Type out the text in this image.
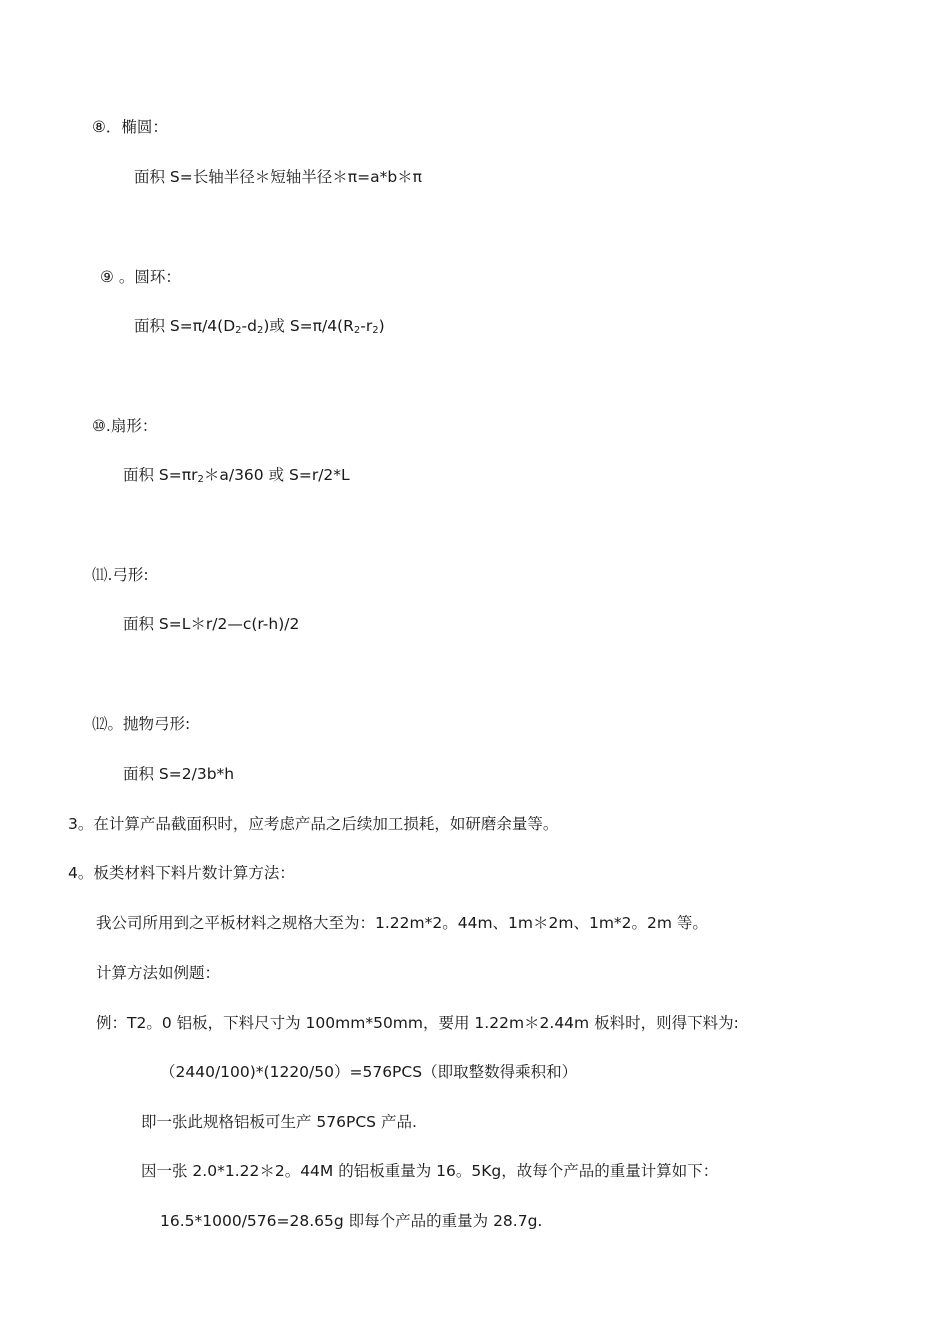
⑧．椭圆：
面积 S=长轴半径＊短轴半径＊π=a*b＊π
⑨ 。圆环：
面积 $S=\pi/4(D_2-d_2)$或 $S=\pi/4(R_2-r_2)$
⑩.扇形：
面积 $S=\pi r_2*a/360$ 或 S=r/2*L
⑾.弓形:
面积 S=L＊r/2—c(r-h)/2
⑿。抛物弓形:
面积 S=2/3b*h
3。在计算产品截面积时，应考虑产品之后续加工损耗，如研磨余量等。
4。板类材料下料片数计算方法：
我公司所用到之平板材料之规格大至为：1.22m*2。44m、1m＊2m、1m*2。2m 等。
计算方法如例题：
例：T2。0 铝板，下料尺寸为 100mm*50mm，要用 1.22m＊2.44m 板料时，则得下料为:
（2440/100)*(1220/50）=576PCS（即取整数得乘积和）
即一张此规格铝板可生产 576PCS 产品.
因一张 2.0*1.22＊2。44M 的铝板重量为 16。5Kg，故每个产品的重量计算如下：
16.5*1000/576=28.65g 即每个产品的重量为 28.7g.
